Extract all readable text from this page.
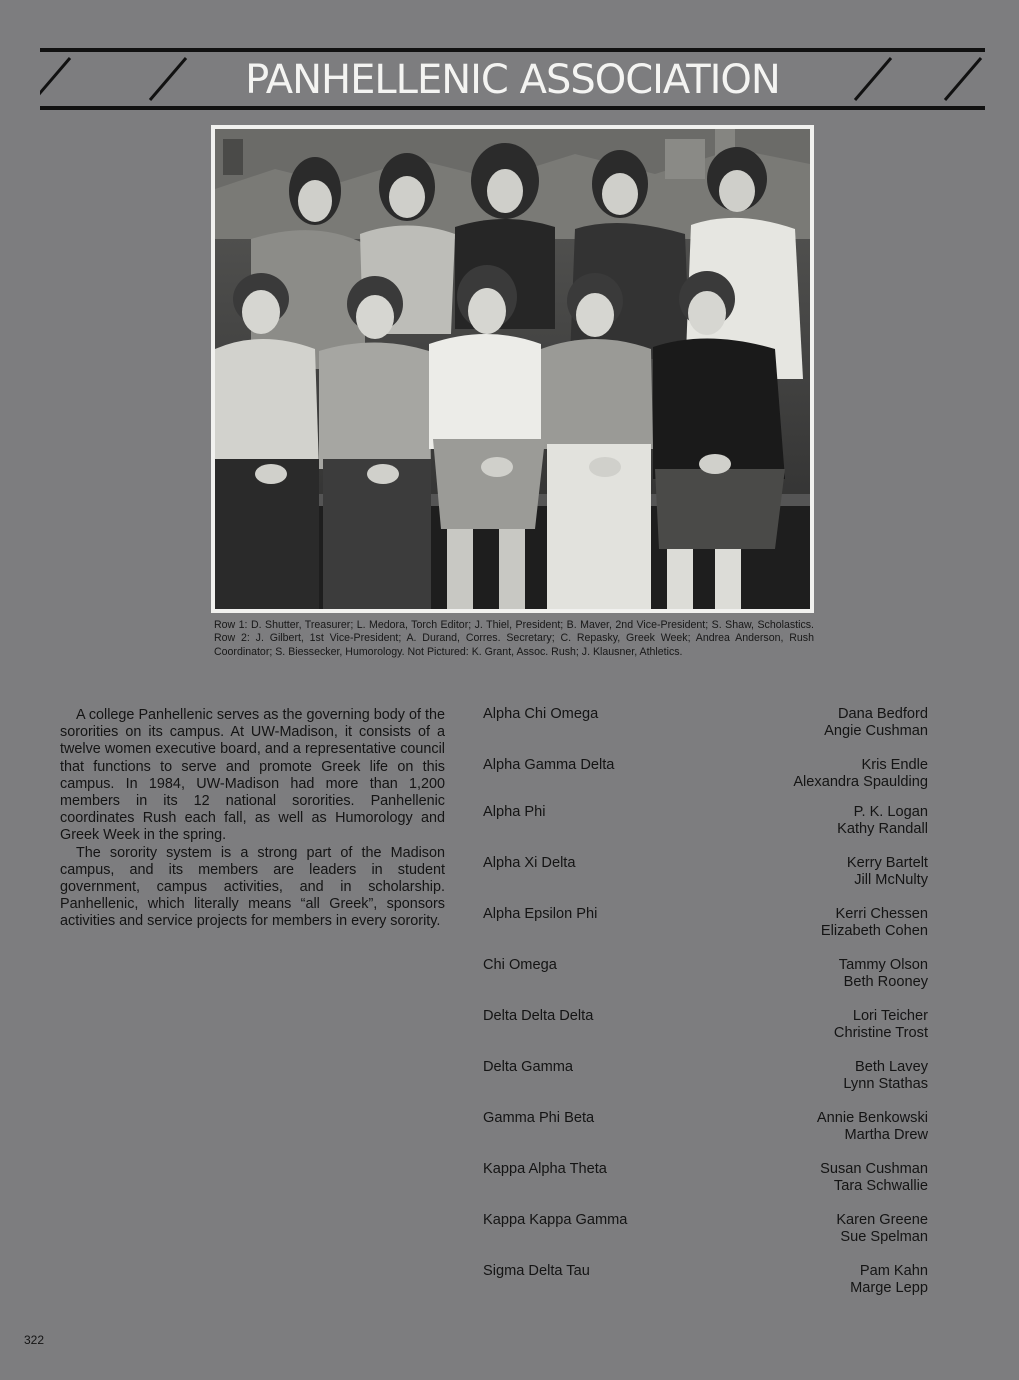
PANHELLENIC ASSOCIATION
Row 1: D. Shutter, Treasurer; L. Medora, Torch Editor; J. Thiel, President; B. Maver, 2nd Vice-President; S. Shaw, Scholastics. Row 2: J. Gilbert, 1st Vice-President; A. Durand, Corres. Secretary; C. Repasky, Greek Week; Andrea Anderson, Rush Coordinator; S. Biessecker, Humorology. Not Pictured: K. Grant, Assoc. Rush; J. Klausner, Athletics.

A college Panhellenic serves as the governing body of the sororities on its campus. At UW-Madison, it consists of a twelve women executive board, and a representative council that functions to serve and promote Greek life on this campus. In 1984, UW-Madison had more than 1,200 members in its 12 national sororities. Panhellenic coordinates Rush each fall, as well as Humorology and Greek Week in the spring.

The sorority system is a strong part of the Madison campus, and its members are leaders in student government, campus activities, and in scholarship. Panhellenic, which literally means “all Greek”, sponsors activities and service projects for members in every sorority.

Alpha Chi Omega	Dana Bedford
Angie Cushman
Alpha Gamma Delta	Kris Endle
Alexandra Spaulding
Alpha Phi	P. K. Logan
Kathy Randall
Alpha Xi Delta	Kerry Bartelt
Jill McNulty
Alpha Epsilon Phi	Kerri Chessen
Elizabeth Cohen
Chi Omega	Tammy Olson
Beth Rooney
Delta Delta Delta	Lori Teicher
Christine Trost
Delta Gamma	Beth Lavey
Lynn Stathas
Gamma Phi Beta	Annie Benkowski
Martha Drew
Kappa Alpha Theta	Susan Cushman
Tara Schwallie
Kappa Kappa Gamma	Karen Greene
Sue Spelman
Sigma Delta Tau	Pam Kahn
Marge Lepp
322
